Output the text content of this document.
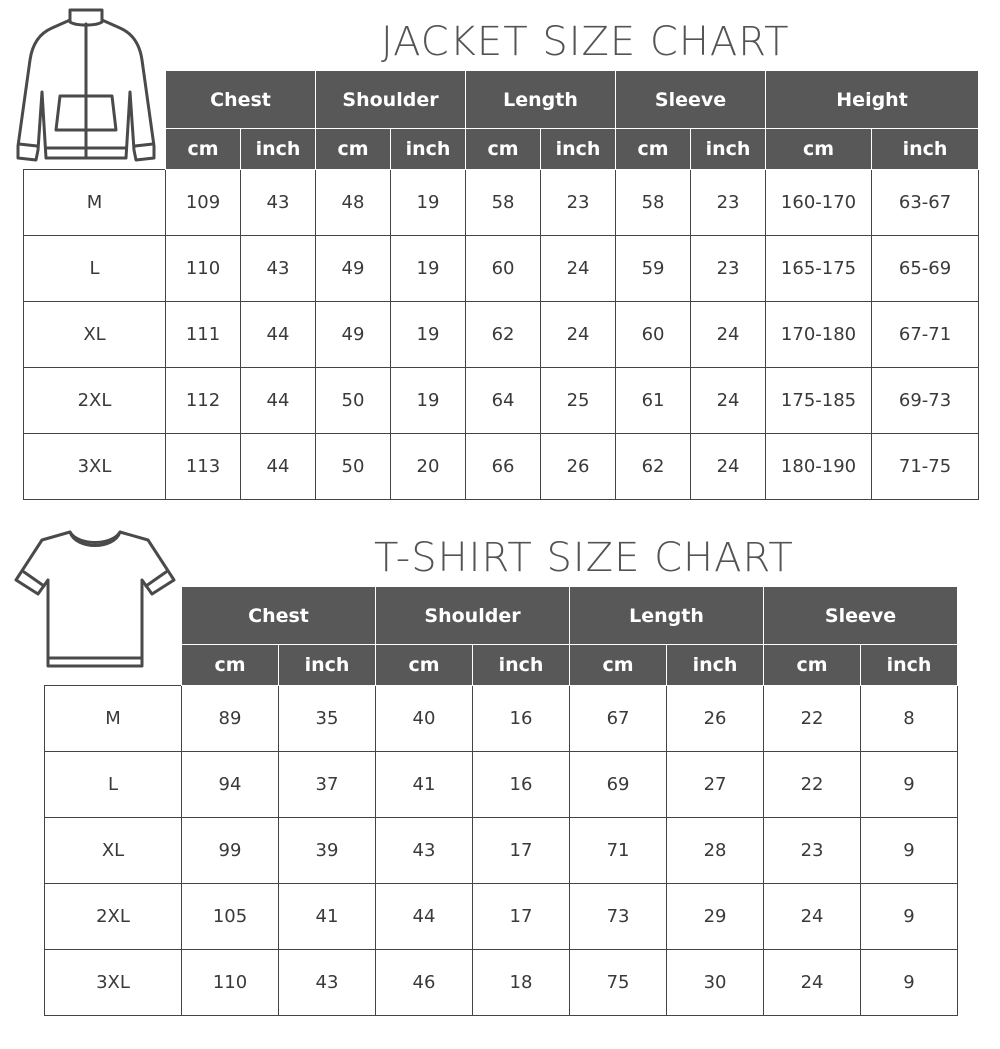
JACKET SIZE CHART
	Chest		Shoulder		Length		Sleeve		Height	
	cm	inch	cm	inch	cm	inch	cm	inch	cm	inch
M	109	43	48	19	58	23	58	23	160-170	63-67
L	110	43	49	19	60	24	59	23	165-175	65-69
XL	111	44	49	19	62	24	60	24	170-180	67-71
2XL	112	44	50	19	64	25	61	24	175-185	69-73
3XL	113	44	50	20	66	26	62	24	180-190	71-75
T-SHIRT SIZE CHART
	Chest		Shoulder		Length		Sleeve	
	cm	inch	cm	inch	cm	inch	cm	inch
M	89	35	40	16	67	26	22	8
L	94	37	41	16	69	27	22	9
XL	99	39	43	17	71	28	23	9
2XL	105	41	44	17	73	29	24	9
3XL	110	43	46	18	75	30	24	9
